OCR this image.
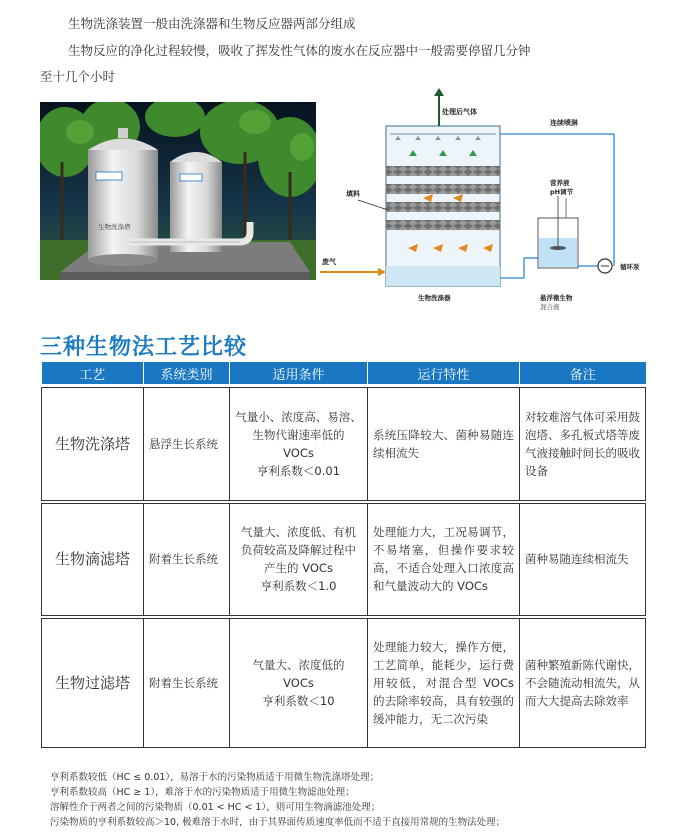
生物洗涤装置一般由洗涤器和生物反应器两部分组成
生物反应的净化过程较慢，吸收了挥发性气体的废水在反应器中一般需要停留几分钟
至十几个小时
生物洗涤塔
处理后气体
连续喷淋
填料
废气
营养液
pH调节
循环泵
生物洗涤器	悬浮微生物
混合液
三种生物法工艺比较
工艺	系统类别	适用条件	运行特性	备注

生物洗涤塔	悬浮生长系统	气量小、浓度高、易溶、
生物代谢速率低的
VOCs
亨利系数＜0.01	系统压降较大、菌种易随连续相流失	对较难溶气体可采用鼓泡塔、多孔板式塔等废气液接触时间长的吸收设备

生物滴滤塔	附着生长系统	气量大、浓度低、有机
负荷较高及降解过程中
产生的 VOCs
亨利系数＜1.0	处理能力大，工况易调节，不易堵塞，但操作要求较高，不适合处理入口浓度高和气量波动大的 VOCs	菌种易随连续相流失

生物过滤塔	附着生长系统	气量大、浓度低的
VOCs
亨利系数＜10	处理能力较大，操作方便，工艺简单，能耗少，运行费用较低，对混合型 VOCs 的去除率较高，具有较强的缓冲能力，无二次污染	菌种繁殖新陈代谢快，不会随流动相流失，从而大大提高去除效率
亨利系数较低（HC ≤ 0.01），易溶于水的污染物质适于用微生物洗涤塔处理；
亨利系数较高（HC ≥ 1），难溶于水的污染物质适于用微生物滤池处理；
溶解性介于两者之间的污染物质（0.01 < HC < 1），则可用生物滴滤池处理；
污染物质的亨利系数较高＞10, 极难溶于水时，由于其界面传质速度率低而不适于直接用常规的生物法处理；
